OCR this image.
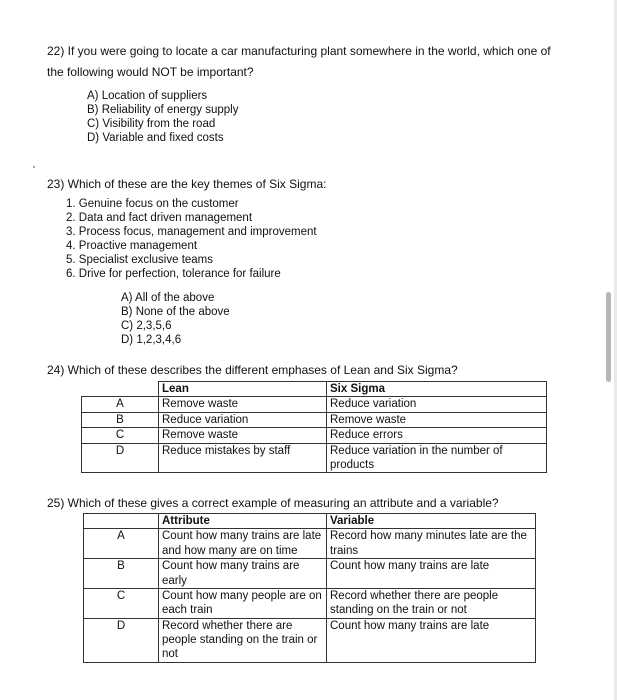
22) If you were going to locate a car manufacturing plant somewhere in the world, which one of
the following would NOT be important?
A) Location of suppliers
B) Reliability of energy supply
C) Visibility from the road
D) Variable and fixed costs
23) Which of these are the key themes of Six Sigma:
1. Genuine focus on the customer
2. Data and fact driven management
3. Process focus, management and improvement
4. Proactive management
5. Specialist exclusive teams
6. Drive for perfection, tolerance for failure
A) All of the above
B) None of the above
C) 2,3,5,6
D) 1,2,3,4,6
24) Which of these describes the different emphases of Lean and Six Sigma?
	Lean	Six Sigma
A	Remove waste	Reduce variation
B	Reduce variation	Remove waste
C	Remove waste	Reduce errors
D	Reduce mistakes by staff	Reduce variation in the number of products
25) Which of these gives a correct example of measuring an attribute and a variable?
	Attribute	Variable
A	Count how many trains are late and how many are on time	Record how many minutes late are the trains
B	Count how many trains are early	Count how many trains are late
C	Count how many people are on each train	Record whether there are people standing on the train or not
D	Record whether there are people standing on the train or not	Count how many trains are late
